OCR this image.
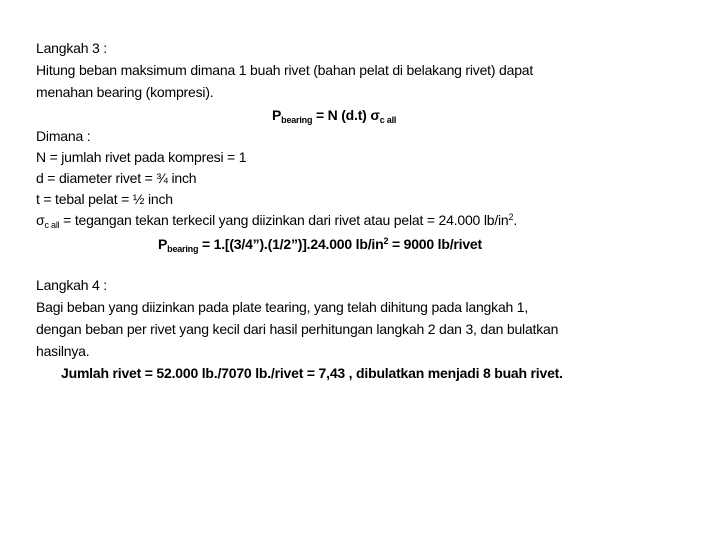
Langkah 3 :
Hitung beban maksimum dimana 1 buah rivet (bahan pelat di belakang rivet) dapat
menahan bearing (kompresi).
$P_{bearing} = N$ (d.t) $\sigma_{c all}$
Dimana :
N = jumlah rivet pada kompresi = 1
d = diameter rivet = ¾ inch
t = tebal pelat = ½ inch
$\sigma_{c all}$ = tegangan tekan terkecil yang diizinkan dari rivet atau pelat = 24.000 $lb/in^2$.
$P_{bearing}$ = 1.[(3/4”).(1/2”)].24.000 $lb/in^2 = 9000$ lb/rivet
Langkah 4 :
Bagi beban yang diizinkan pada plate tearing, yang telah dihitung pada langkah 1,
dengan beban per rivet yang kecil dari hasil perhitungan langkah 2 dan 3, dan bulatkan
hasilnya.
Jumlah rivet = 52.000 lb./7070 lb./rivet = 7,43 , dibulatkan menjadi 8 buah rivet.
